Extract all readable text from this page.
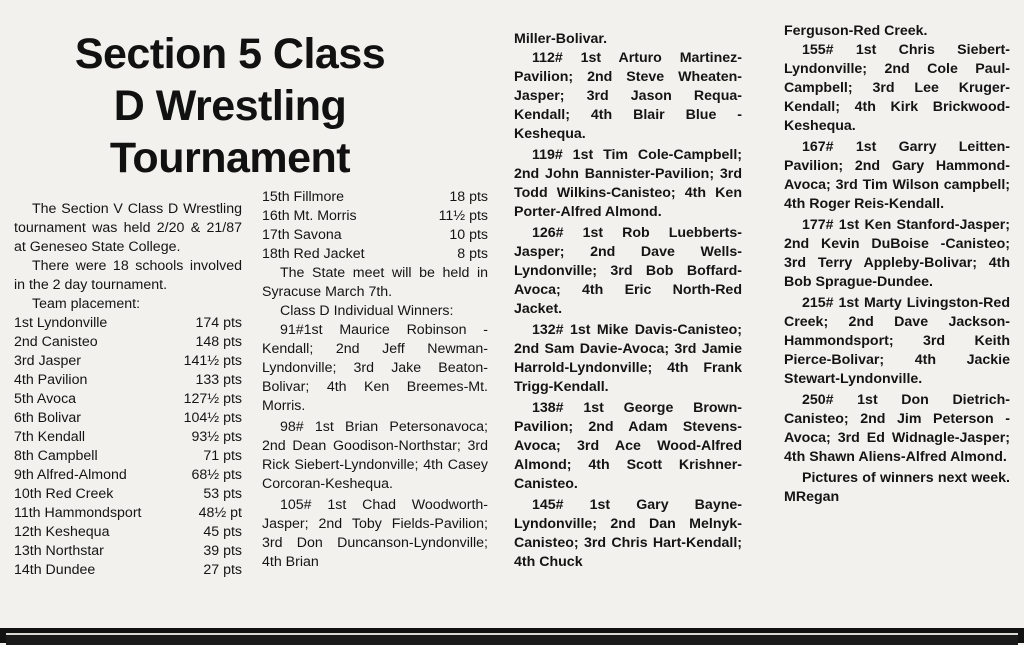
Section 5 Class
D Wrestling
Tournament

The Section V Class D Wrestling tournament was held 2/20 & 21/87 at Geneseo State College.

There were 18 schools involved in the 2 day tournament.

Team placement:

1st Lyndonville	174 pts
2nd Canisteo	148 pts
3rd Jasper	141½ pts
4th Pavilion	133 pts
5th Avoca	127½ pts
6th Bolivar	104½ pts
7th Kendall	93½ pts
8th Campbell	71 pts
9th Alfred-Almond	68½ pts
10th Red Creek	53 pts
11th Hammondsport	48½ pt
12th Keshequa	45 pts
13th Northstar	39 pts
14th Dundee	27 pts
15th Fillmore	18 pts
16th Mt. Morris	11½ pts
17th Savona	10 pts
18th Red Jacket	8 pts

The State meet will be held in Syracuse March 7th.

Class D Individual Winners:

91#1st Maurice Robinson - Kendall; 2nd Jeff Newman-Lyndonville; 3rd Jake Beaton-Bolivar; 4th Ken Breemes-Mt. Morris.

98# 1st Brian Petersonavoca; 2nd Dean Goodison-Northstar; 3rd Rick Siebert-Lyndonville; 4th Casey Corcoran-Keshequa.

105# 1st Chad Woodworth-Jasper; 2nd Toby Fields-Pavilion; 3rd Don Duncanson-Lyndonville; 4th Brian

Miller-Bolivar.

112# 1st Arturo Martinez-Pavilion; 2nd Steve Wheaten-Jasper; 3rd Jason Requa-Kendall; 4th Blair Blue -Keshequa.

119# 1st Tim Cole-Campbell; 2nd John Bannister-Pavilion; 3rd Todd Wilkins-Canisteo; 4th Ken Porter-Alfred Almond.

126# 1st Rob Luebberts-Jasper; 2nd Dave Wells-Lyndonville; 3rd Bob Boffard-Avoca; 4th Eric North-Red Jacket.

132# 1st Mike Davis-Canisteo; 2nd Sam Davie-Avoca; 3rd Jamie Harrold-Lyndonville; 4th Frank Trigg-Kendall.

138# 1st George Brown-Pavilion; 2nd Adam Stevens-Avoca; 3rd Ace Wood-Alfred Almond; 4th Scott Krishner-Canisteo.

145# 1st Gary Bayne-Lyndonville; 2nd Dan Melnyk-Canisteo; 3rd Chris Hart-Kendall; 4th Chuck

Ferguson-Red Creek.

155# 1st Chris Siebert-Lyndonville; 2nd Cole Paul-Campbell; 3rd Lee Kruger-Kendall; 4th Kirk Brickwood-Keshequa.

167# 1st Garry Leitten-Pavilion; 2nd Gary Hammond-Avoca; 3rd Tim Wilson campbell; 4th Roger Reis-Kendall.

177# 1st Ken Stanford-Jasper; 2nd Kevin DuBoise -Canisteo; 3rd Terry Appleby-Bolivar; 4th Bob Sprague-Dundee.

215# 1st Marty Livingston-Red Creek; 2nd Dave Jackson-Hammondsport; 3rd Keith Pierce-Bolivar; 4th Jackie Stewart-Lyndonville.

250# 1st Don Dietrich-Canisteo; 2nd Jim Peterson -Avoca; 3rd Ed Widnagle-Jasper; 4th Shawn Aliens-Alfred Almond.

Pictures of winners next week. MRegan
